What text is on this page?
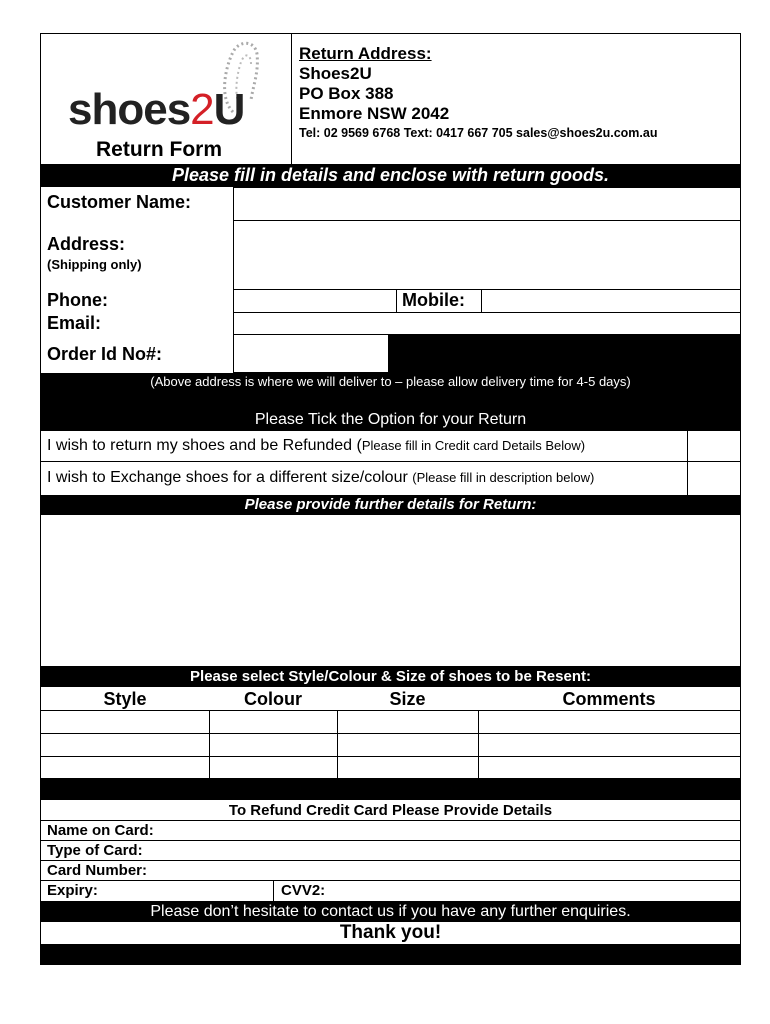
shoes2U
Return Form
Return Address:
Shoes2U
PO Box 388
Enmore NSW 2042
Tel: 02 9569 6768 Text: 0417 667 705 sales@shoes2u.com.au
Please fill in details and enclose with return goods.
Customer Name:
Address:
(Shipping only)
Phone:	Mobile:
Email:
Order Id No#:
(Above address is where we will deliver to – please allow delivery time for 4-5 days)
Please Tick the Option for your Return
I wish to return my shoes and be Refunded (Please fill in Credit card Details Below)
I wish to Exchange shoes for a different size/colour (Please fill in description below)
Please provide further details for Return:
Please select Style/Colour & Size of shoes to be Resent:
Style	Colour	Size	Comments
To Refund Credit Card Please Provide Details
Name on Card:
Type of Card:
Card Number:
Expiry:	CVV2:
Please don’t hesitate to contact us if you have any further enquiries.
Thank you!
